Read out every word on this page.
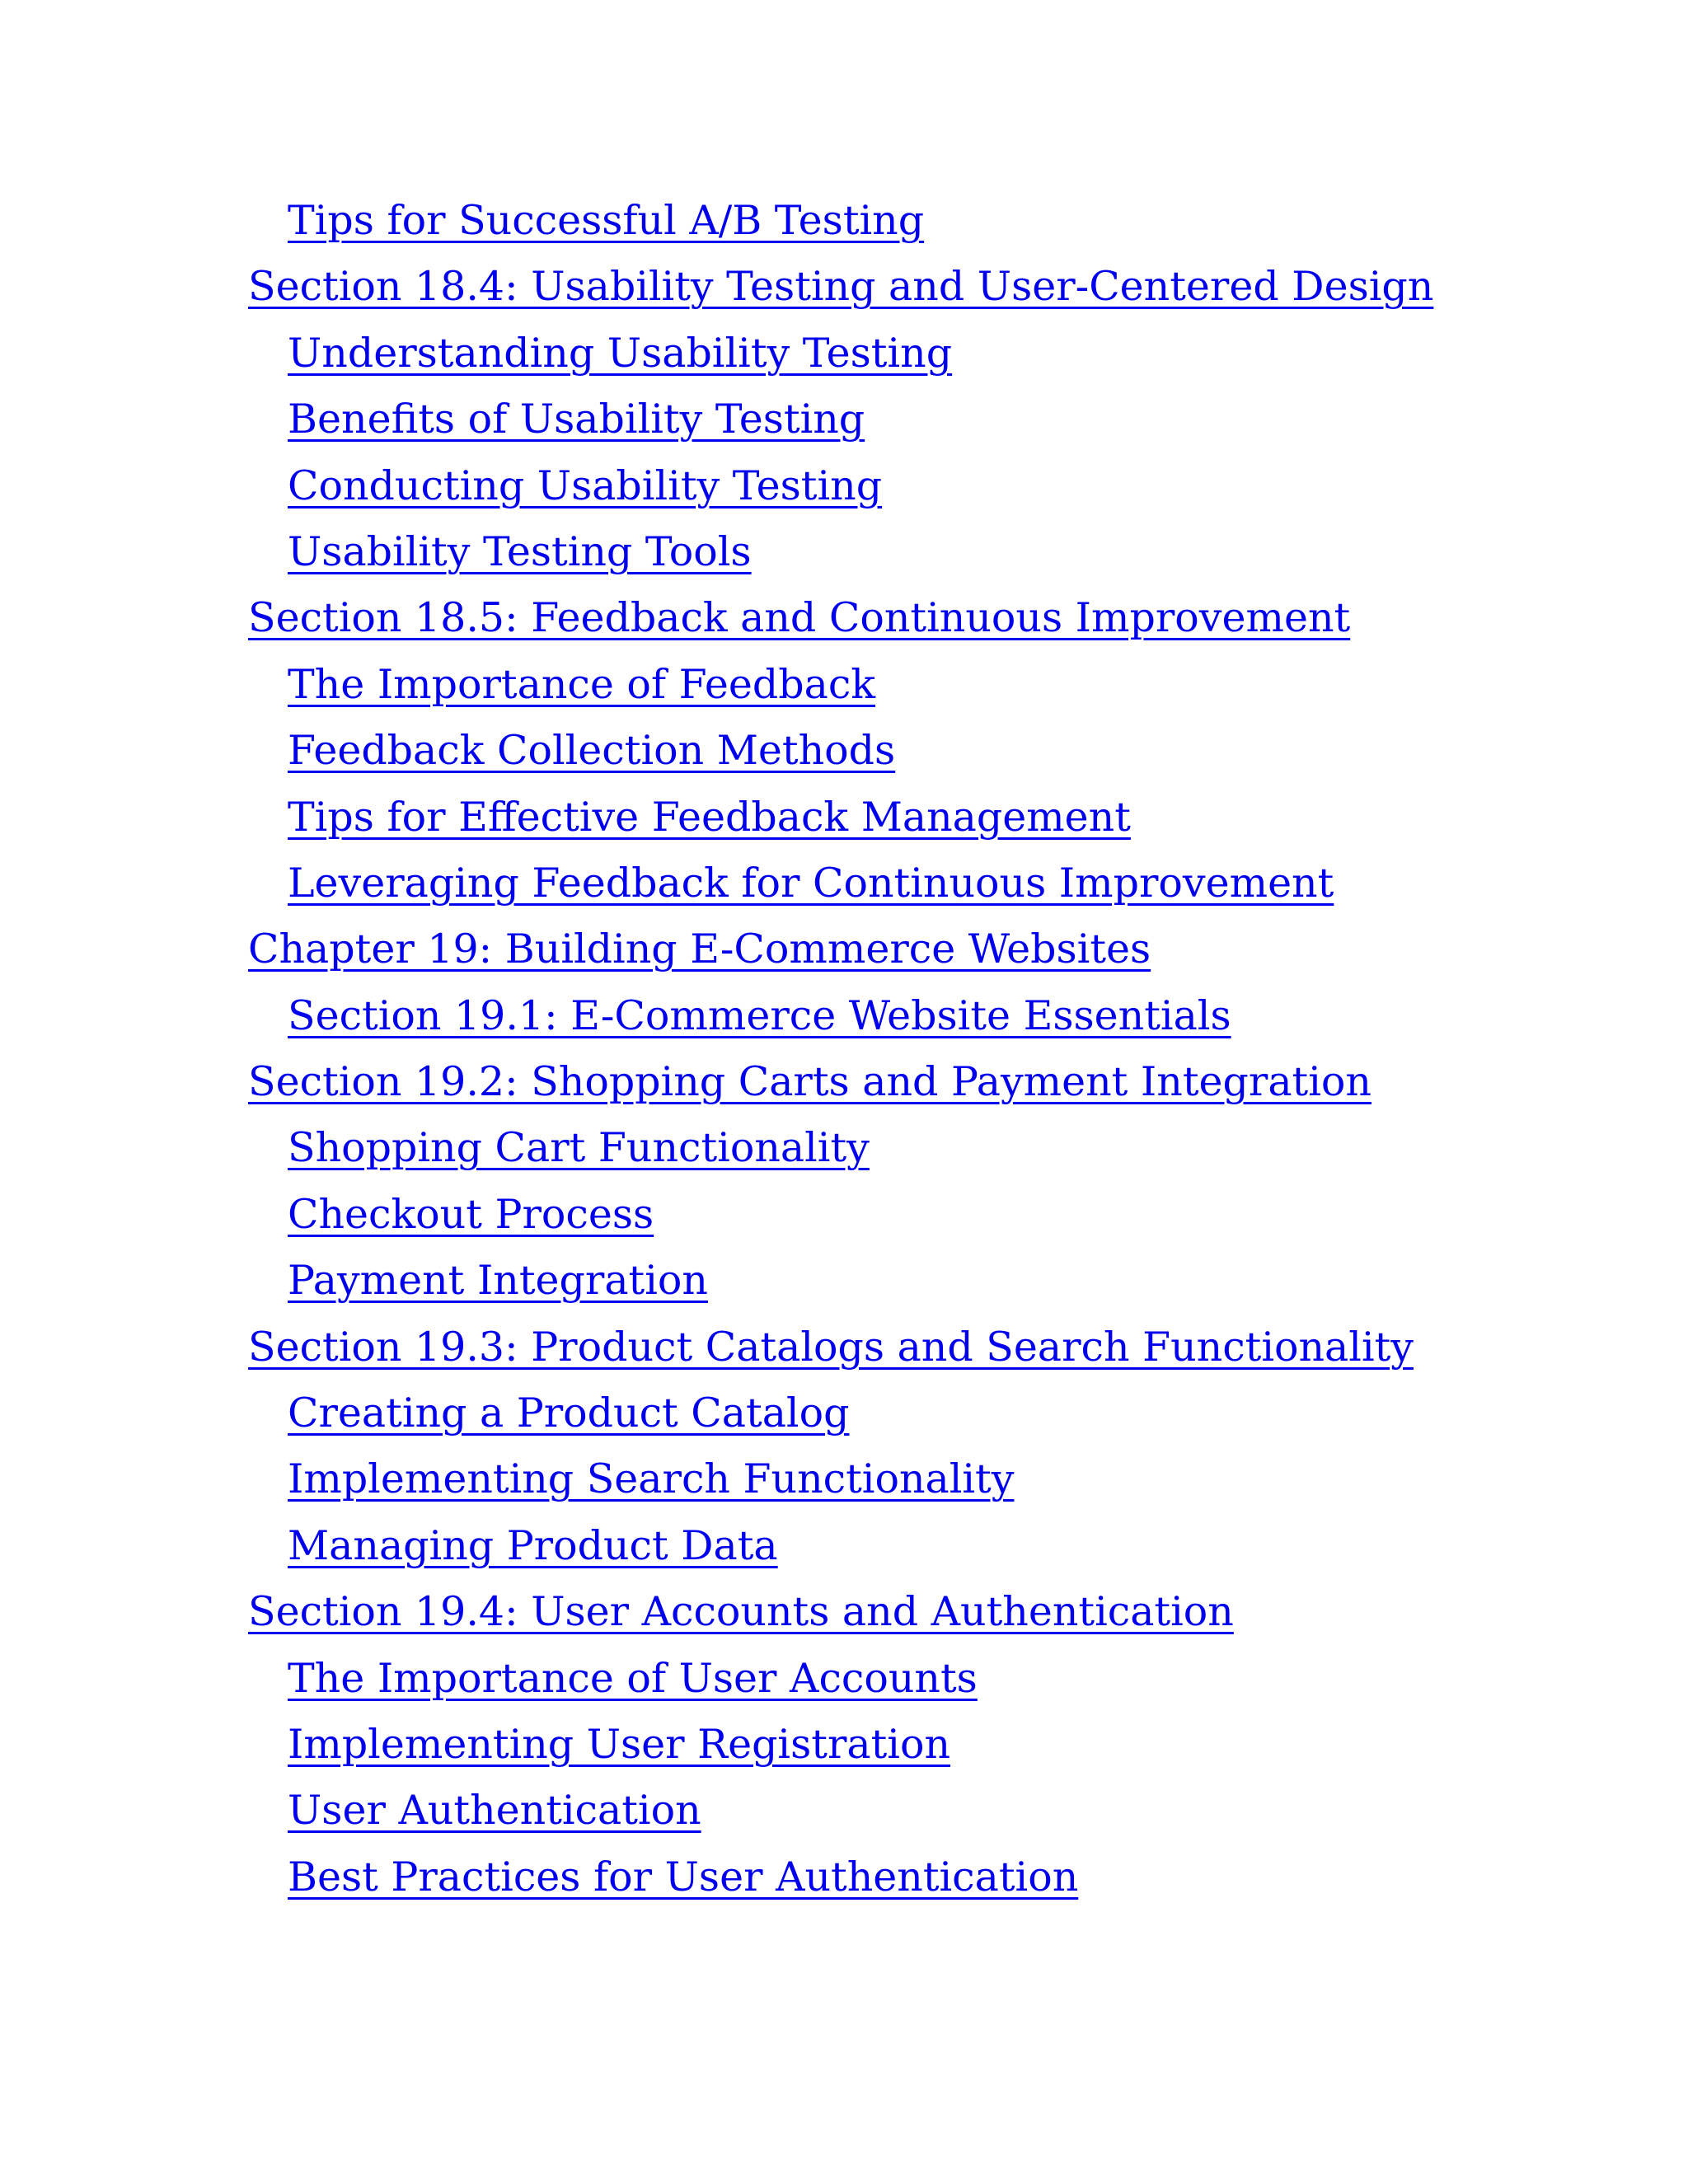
Tips for Successful A/B Testing
Section 18.4: Usability Testing and User-Centered Design
Understanding Usability Testing
Benefits of Usability Testing
Conducting Usability Testing
Usability Testing Tools
Section 18.5: Feedback and Continuous Improvement
The Importance of Feedback
Feedback Collection Methods
Tips for Effective Feedback Management
Leveraging Feedback for Continuous Improvement
Chapter 19: Building E-Commerce Websites
Section 19.1: E-Commerce Website Essentials
Section 19.2: Shopping Carts and Payment Integration
Shopping Cart Functionality
Checkout Process
Payment Integration
Section 19.3: Product Catalogs and Search Functionality
Creating a Product Catalog
Implementing Search Functionality
Managing Product Data
Section 19.4: User Accounts and Authentication
The Importance of User Accounts
Implementing User Registration
User Authentication
Best Practices for User Authentication
